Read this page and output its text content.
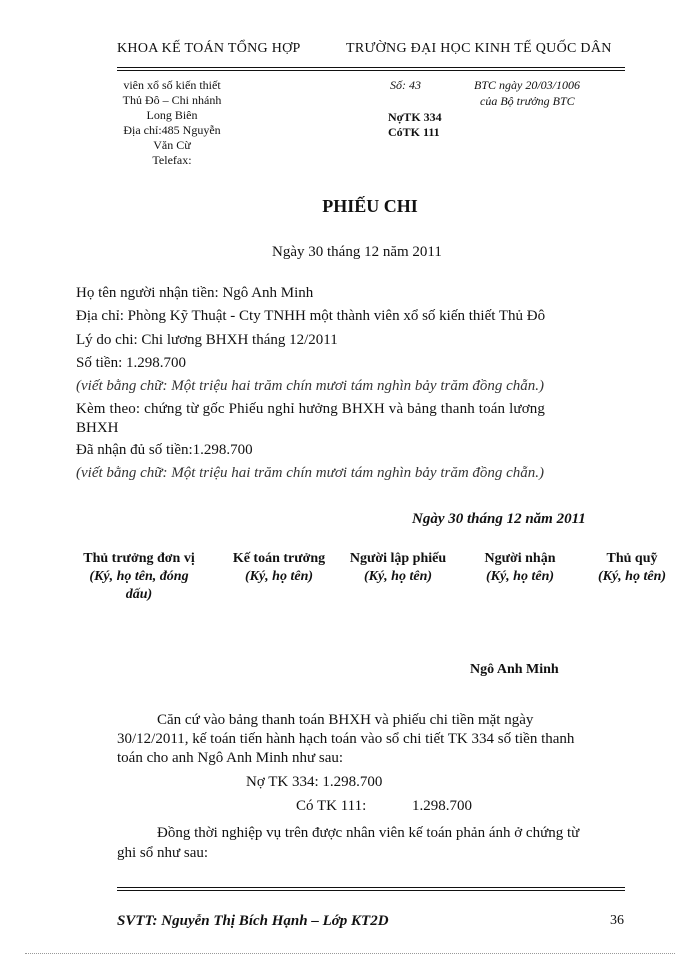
KHOA KẾ TOÁN TỔNG HỢP	TRƯỜNG ĐẠI HỌC KINH TẾ QUỐC DÂN
viên xổ số kiến thiết
Thủ Đô – Chi nhánh
Long Biên
Địa chỉ:485 Nguyễn
Văn Cừ
Telefax:
Số: 43
NợTK 334
CóTK 111
BTC ngày 20/03/1006
của Bộ trưởng BTC
PHIẾU CHI
Ngày 30 tháng 12 năm 2011
Họ tên người nhận tiền: Ngô Anh Minh
Địa chỉ: Phòng Kỹ Thuật - Cty TNHH một thành viên xổ số kiến thiết Thủ Đô
Lý do chi: Chi lương BHXH tháng 12/2011
Số tiền: 1.298.700
(viết bằng chữ: Một triệu hai trăm chín mươi tám nghìn bảy trăm đồng chẵn.)
Kèm theo: chứng từ gốc Phiếu nghỉ hưởng BHXH và bảng thanh toán lương
BHXH
Đã nhận đủ số tiền:1.298.700
(viết bằng chữ: Một triệu hai trăm chín mươi tám nghìn bảy trăm đồng chẵn.)
Ngày 30 tháng 12 năm 2011
Thủ trưởng đơn vị
(Ký, họ tên, đóng
dấu)
Kế toán trưởng
(Ký, họ tên)
Người lập phiếu
(Ký, họ tên)
Người nhận
(Ký, họ tên)
Thủ quỹ
(Ký, họ tên)
Ngô Anh Minh
Căn cứ vào bảng thanh toán BHXH và phiếu chi tiền mặt ngày
30/12/2011, kế toán tiến hành hạch toán vào sổ chi tiết TK 334 số tiền thanh
toán cho anh Ngô Anh Minh như sau:
Nợ TK 334: 1.298.700
Có TK 111:	1.298.700
Đồng thời nghiệp vụ trên được nhân viên kế toán phản ánh ở chứng từ
ghi sổ như sau:
SVTT: Nguyễn Thị Bích Hạnh – Lớp KT2D	36
